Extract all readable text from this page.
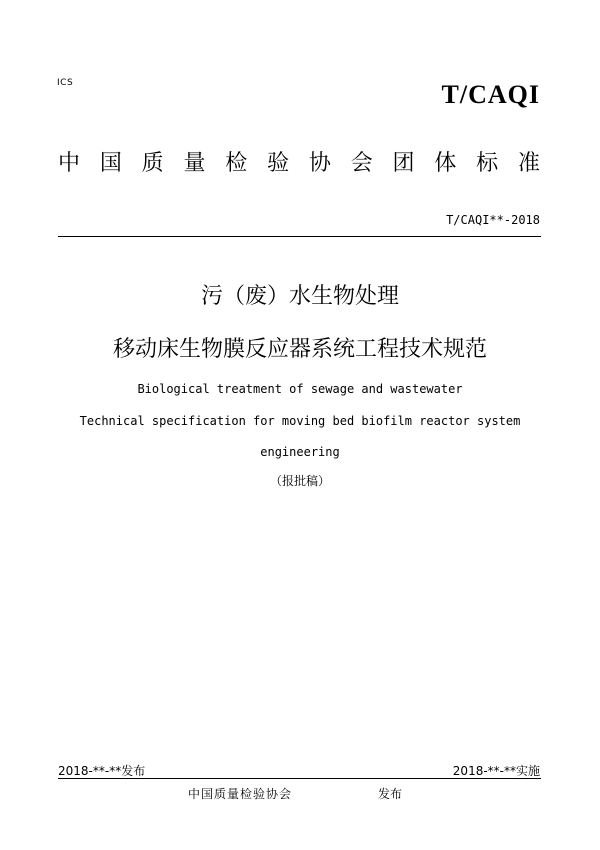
ICS	T/CAQI
中 国 质 量 检 验 协 会 团 体 标 准
T/CAQI**-2018
污（废）水生物处理
移动床生物膜反应器系统工程技术规范
Biological treatment of sewage and wastewater
Technical specification for moving bed biofilm reactor system
engineering
（报批稿）
2018-**-**发布	2018-**-**实施
中国质量检验协会	发布
